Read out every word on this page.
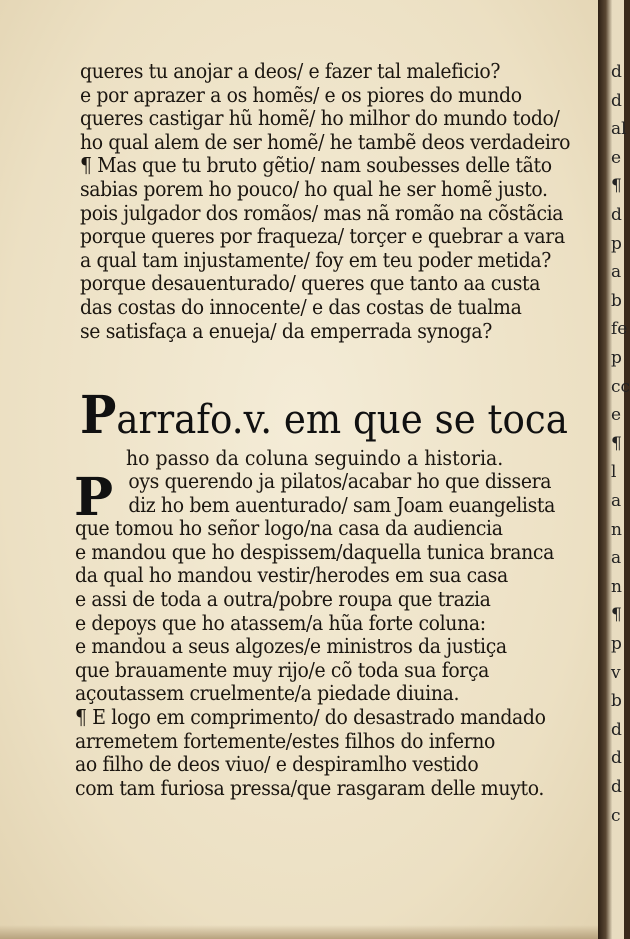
queres tu anojar a deos/ e fazer tal maleficio?
e por aprazer a os homẽs/ e os piores do mundo
queres castigar hũ homẽ/ ho milhor do mundo todo/
ho qual alem de ser homẽ/ he tambẽ deos verdadeiro
¶ Mas que tu bruto gẽtio/ nam soubesses delle tãto
sabias porem ho pouco/ ho qual he ser homẽ justo.
pois julgador dos romãos/ mas nã romão na cõstãcia
porque queres por fraqueza/ torçer e quebrar a vara
a qual tam injustamente/ foy em teu poder metida?
porque desauenturado/ queres que tanto aa custa
das costas do innocente/ e das costas de tualma
se satisfaça a enueja/ da emperrada synoga?
Parrafo.v. em que se toca
ho passo da coluna seguindo a historia.
P oys querendo ja pilatos/acabar ho que dissera
diz ho bem auenturado/ sam Joam euangelista
que tomou ho señor logo/na casa da audiencia
e mandou que ho despissem/daquella tunica branca
da qual ho mandou vestir/herodes em sua casa
e assi de toda a outra/pobre roupa que trazia
e depoys que ho atassem/a hũa forte coluna:
e mandou a seus algozes/e ministros da justiça
que brauamente muy rijo/e cõ toda sua força
açoutassem cruelmente/a piedade diuina.
¶ E logo em comprimento/ do desastrado mandado
arremetem fortemente/estes filhos do inferno
ao filho de deos viuo/ e despiramlho vestido
com tam furiosa pressa/que rasgaram delle muyto.
d
d
al
e
¶
d
p
a
b
fe
p
cc
e
¶
l
a
n
a
n
¶
p
v
b
d
d
d
c
